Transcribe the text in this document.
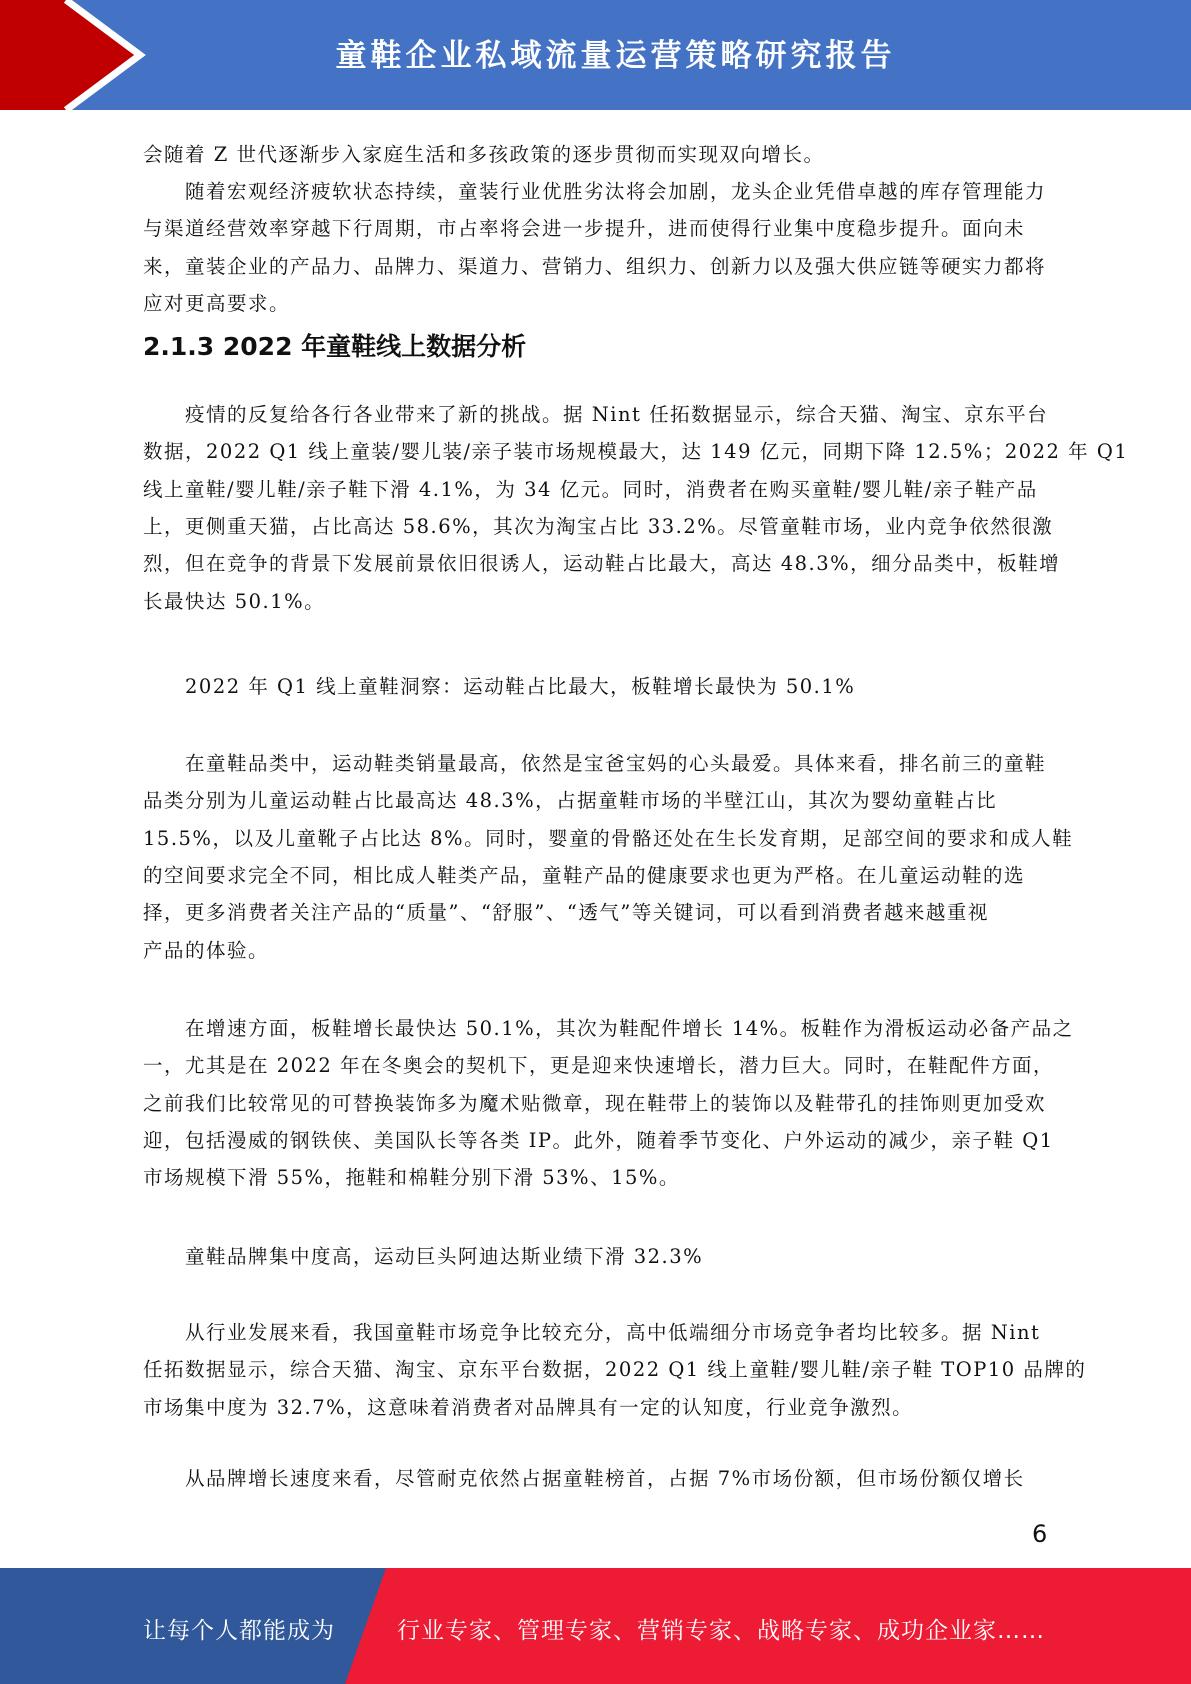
童鞋企业私域流量运营策略研究报告
会随着 Z 世代逐渐步入家庭生活和多孩政策的逐步贯彻而实现双向增长。
随着宏观经济疲软状态持续，童装行业优胜劣汰将会加剧，龙头企业凭借卓越的库存管理能力
与渠道经营效率穿越下行周期，市占率将会进一步提升，进而使得行业集中度稳步提升。面向未
来，童装企业的产品力、品牌力、渠道力、营销力、组织力、创新力以及强大供应链等硬实力都将
应对更高要求。
疫情的反复给各行各业带来了新的挑战。据 Nint 任拓数据显示，综合天猫、淘宝、京东平台
数据，2022 Q1 线上童装/婴儿装/亲子装市场规模最大，达 149 亿元，同期下降 12.5%；2022 年 Q1
线上童鞋/婴儿鞋/亲子鞋下滑 4.1%，为 34 亿元。同时，消费者在购买童鞋/婴儿鞋/亲子鞋产品
上，更侧重天猫，占比高达 58.6%，其次为淘宝占比 33.2%。尽管童鞋市场，业内竞争依然很激
烈，但在竞争的背景下发展前景依旧很诱人，运动鞋占比最大，高达 48.3%，细分品类中，板鞋增
长最快达 50.1%。
在童鞋品类中，运动鞋类销量最高，依然是宝爸宝妈的心头最爱。具体来看，排名前三的童鞋
品类分别为儿童运动鞋占比最高达 48.3%，占据童鞋市场的半壁江山，其次为婴幼童鞋占比
15.5%，以及儿童靴子占比达 8%。同时，婴童的骨骼还处在生长发育期，足部空间的要求和成人鞋
的空间要求完全不同，相比成人鞋类产品，童鞋产品的健康要求也更为严格。在儿童运动鞋的选
择，更多消费者关注产品的“质量”、“舒服”、“透气”等关键词，可以看到消费者越来越重视
产品的体验。
在增速方面，板鞋增长最快达 50.1%，其次为鞋配件增长 14%。板鞋作为滑板运动必备产品之
一，尤其是在 2022 年在冬奥会的契机下，更是迎来快速增长，潜力巨大。同时，在鞋配件方面，
之前我们比较常见的可替换装饰多为魔术贴微章，现在鞋带上的装饰以及鞋带孔的挂饰则更加受欢
迎，包括漫威的钢铁侠、美国队长等各类 IP。此外，随着季节变化、户外运动的减少，亲子鞋 Q1
市场规模下滑 55%，拖鞋和棉鞋分别下滑 53%、15%。
从行业发展来看，我国童鞋市场竞争比较充分，高中低端细分市场竞争者均比较多。据 Nint
任拓数据显示，综合天猫、淘宝、京东平台数据，2022 Q1 线上童鞋/婴儿鞋/亲子鞋 TOP10 品牌的
市场集中度为 32.7%，这意味着消费者对品牌具有一定的认知度，行业竞争激烈。
从品牌增长速度来看，尽管耐克依然占据童鞋榜首，占据 7%市场份额，但市场份额仅增长
2.1.3 2022 年童鞋线上数据分析
2022 年 Q1 线上童鞋洞察：运动鞋占比最大，板鞋增长最快为 50.1%
童鞋品牌集中度高，运动巨头阿迪达斯业绩下滑 32.3%
6
让每个人都能成为	行业专家、管理专家、营销专家、战略专家、成功企业家……
